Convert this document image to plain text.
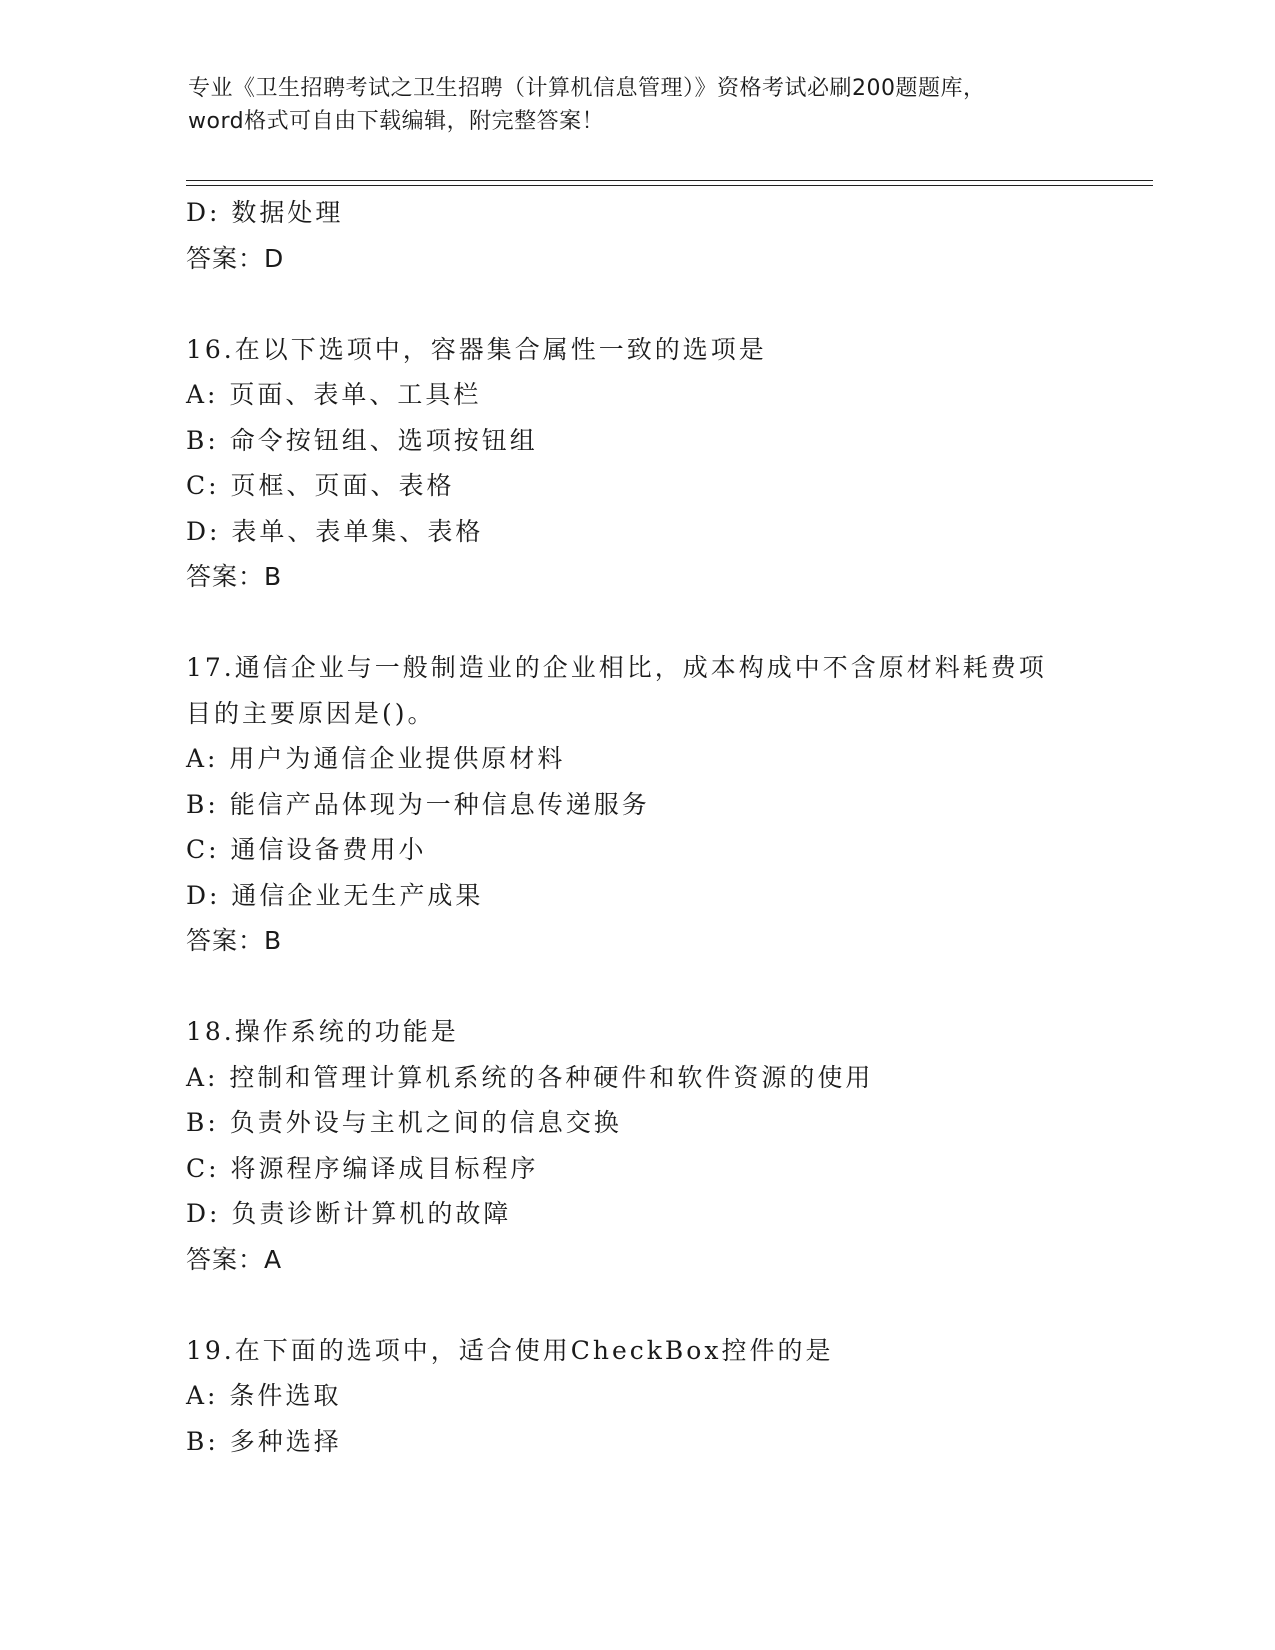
专业《卫生招聘考试之卫生招聘（计算机信息管理）》资格考试必刷200题题库，
word格式可自由下载编辑，附完整答案！
D: 数据处理
答案：D
16.在以下选项中，容器集合属性一致的选项是
A: 页面、表单、工具栏
B: 命令按钮组、选项按钮组
C: 页框、页面、表格
D: 表单、表单集、表格
答案：B
17.通信企业与一般制造业的企业相比，成本构成中不含原材料耗费项
目的主要原因是()。
A: 用户为通信企业提供原材料
B: 能信产品体现为一种信息传递服务
C: 通信设备费用小
D: 通信企业无生产成果
答案：B
18.操作系统的功能是
A: 控制和管理计算机系统的各种硬件和软件资源的使用
B: 负责外设与主机之间的信息交换
C: 将源程序编译成目标程序
D: 负责诊断计算机的故障
答案：A
19.在下面的选项中，适合使用CheckBox控件的是
A: 条件选取
B: 多种选择
